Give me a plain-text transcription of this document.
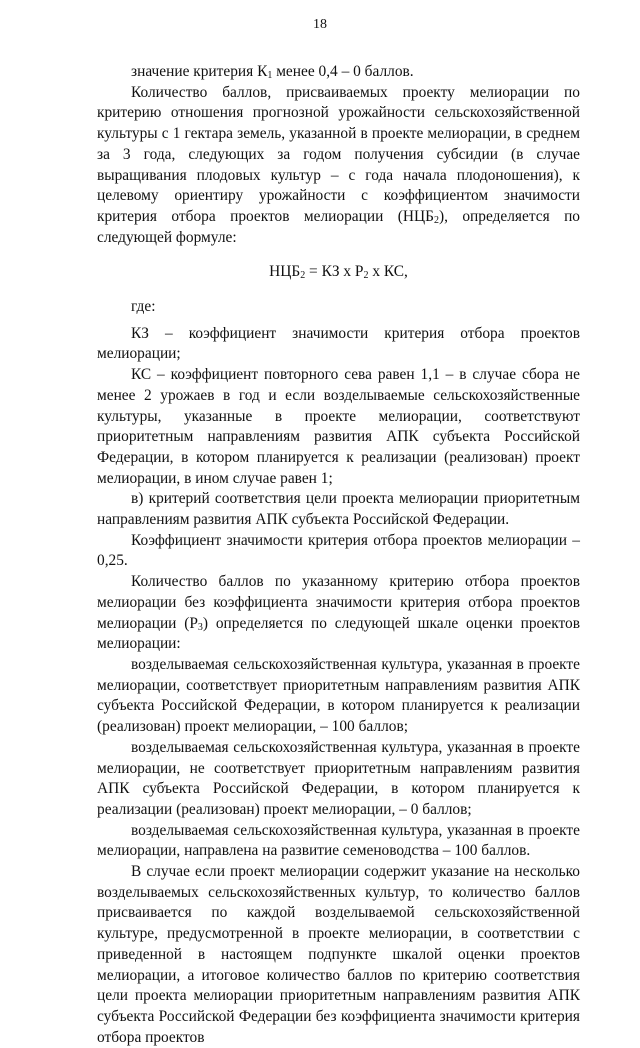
18

значение критерия $К_1$ менее 0,4 – 0 баллов.

Количество баллов, присваиваемых проекту мелиорации по критерию отношения прогнозной урожайности сельскохозяйственной культуры с 1 гектара земель, указанной в проекте мелиорации, в среднем за 3 года, следующих за годом получения субсидии (в случае выращивания плодовых культур – с года начала плодоношения), к целевому ориентиру урожайности с коэффициентом значимости критерия отбора проектов мелиорации $(НЦБ_2)$, определяется по следующей формуле:

$НЦБ_2$ = КЗ х $Р_2$ х КС,

где:

КЗ – коэффициент значимости критерия отбора проектов мелиорации;

КС – коэффициент повторного сева равен 1,1 – в случае сбора не менее 2 урожаев в год и если возделываемые сельскохозяйственные культуры, указанные в проекте мелиорации, соответствуют приоритетным направлениям развития АПК субъекта Российской Федерации, в котором планируется к реализации (реализован) проект мелиорации, в ином случае равен 1;

в) критерий соответствия цели проекта мелиорации приоритетным направлениям развития АПК субъекта Российской Федерации.

Коэффициент значимости критерия отбора проектов мелиорации – 0,25.

Количество баллов по указанному критерию отбора проектов мелиорации без коэффициента значимости критерия отбора проектов мелиорации $(Р_3)$ определяется по следующей шкале оценки проектов мелиорации:

возделываемая сельскохозяйственная культура, указанная в проекте мелиорации, соответствует приоритетным направлениям развития АПК субъекта Российской Федерации, в котором планируется к реализации (реализован) проект мелиорации, – 100 баллов;

возделываемая сельскохозяйственная культура, указанная в проекте мелиорации, не соответствует приоритетным направлениям развития АПК субъекта Российской Федерации, в котором планируется к реализации (реализован) проект мелиорации, – 0 баллов;

возделываемая сельскохозяйственная культура, указанная в проекте мелиорации, направлена на развитие семеноводства – 100 баллов.

В случае если проект мелиорации содержит указание на несколько возделываемых сельскохозяйственных культур, то количество баллов присваивается по каждой возделываемой сельскохозяйственной культуре, предусмотренной в проекте мелиорации, в соответствии с приведенной в настоящем подпункте шкалой оценки проектов мелиорации, а итоговое количество баллов по критерию соответствия цели проекта мелиорации приоритетным направлениям развития АПК субъекта Российской Федерации без коэффициента значимости критерия отбора проектов
